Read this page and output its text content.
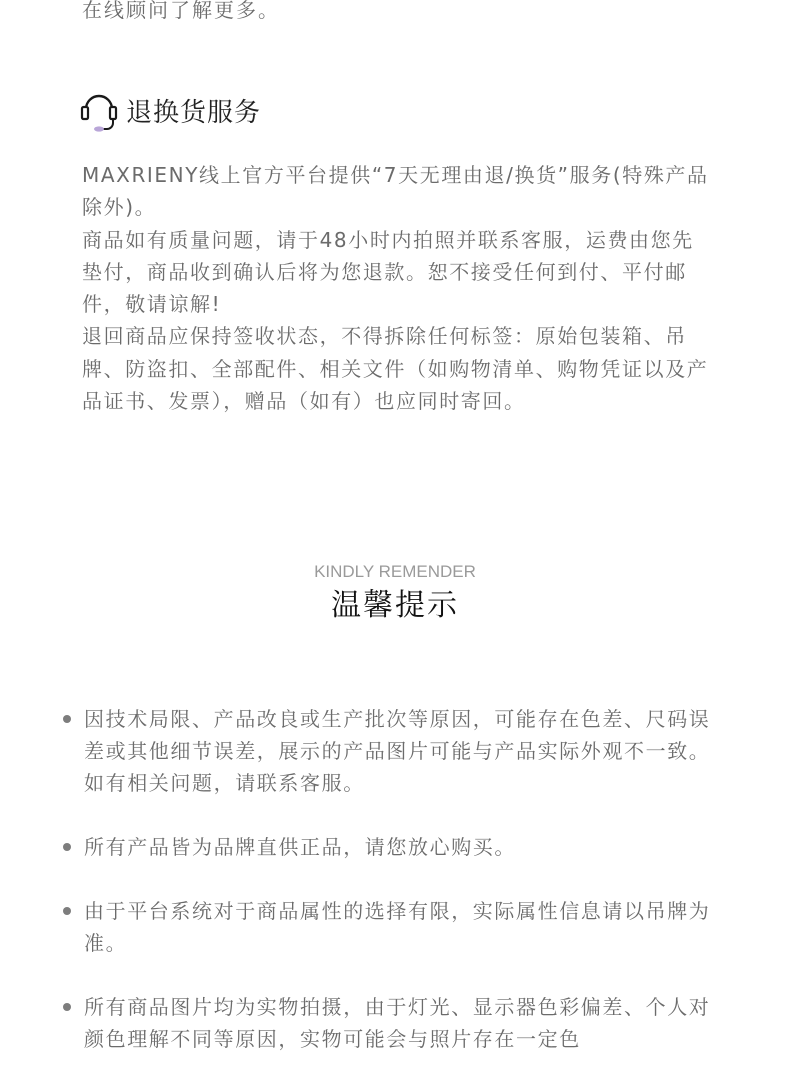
在线顾问了解更多。
退换货服务

MAXRIENY线上官方平台提供“7天无理由退/换货”服务(特殊产品除外)。

商品如有质量问题，请于48小时内拍照并联系客服，运费由您先垫付，商品收到确认后将为您退款。恕不接受任何到付、平付邮件，敬请谅解!

退回商品应保持签收状态，不得拆除任何标签：原始包装箱、吊牌、防盗扣、全部配件、相关文件（如购物清单、购物凭证以及产品证书、发票），赠品（如有）也应同时寄回。

KINDLY REMENDER
温馨提示
因技术局限、产品改良或生产批次等原因，可能存在色差、尺码误差或其他细节误差，展示的产品图片可能与产品实际外观不一致。如有相关问题，请联系客服。
所有产品皆为品牌直供正品，请您放心购买。
由于平台系统对于商品属性的选择有限，实际属性信息请以吊牌为准。
所有商品图片均为实物拍摄，由于灯光、显示器色彩偏差、个人对颜色理解不同等原因，实物可能会与照片存在一定色
